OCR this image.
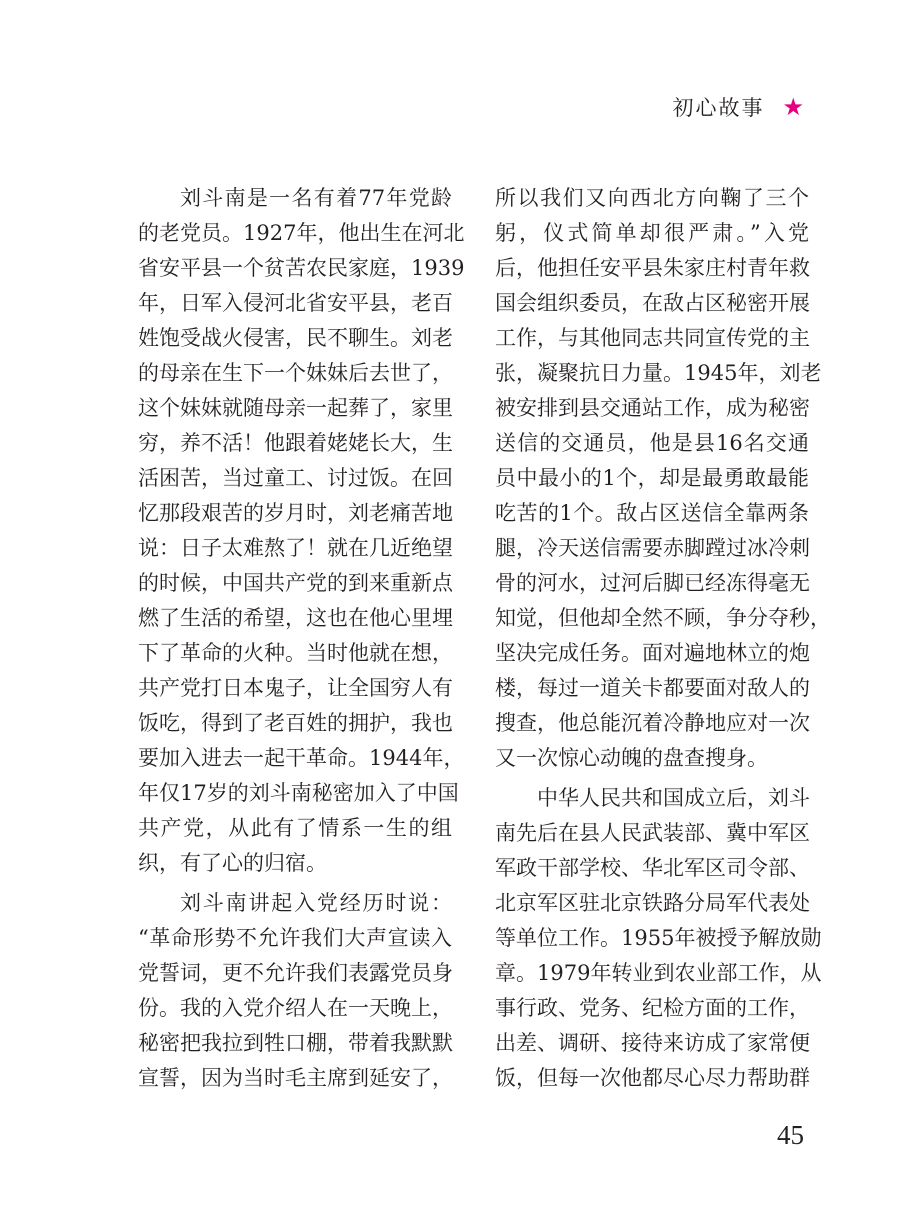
初心故事 ★
刘斗南是一名有着77年党龄
的老党员。1927年，他出生在河北
省安平县一个贫苦农民家庭，1939
年，日军入侵河北省安平县，老百
姓饱受战火侵害，民不聊生。刘老
的母亲在生下一个妹妹后去世了，
这个妹妹就随母亲一起葬了，家里
穷，养不活！他跟着姥姥长大，生
活困苦，当过童工、讨过饭。在回
忆那段艰苦的岁月时，刘老痛苦地
说：日子太难熬了！就在几近绝望
的时候，中国共产党的到来重新点
燃了生活的希望，这也在他心里埋
下了革命的火种。当时他就在想，
共产党打日本鬼子，让全国穷人有
饭吃，得到了老百姓的拥护，我也
要加入进去一起干革命。1944年，
年仅17岁的刘斗南秘密加入了中国
共产党，从此有了情系一生的组
织，有了心的归宿。
刘斗南讲起入党经历时说：
“革命形势不允许我们大声宣读入
党誓词，更不允许我们表露党员身
份。我的入党介绍人在一天晚上，
秘密把我拉到牲口棚，带着我默默
宣誓，因为当时毛主席到延安了，
所以我们又向西北方向鞠了三个
躬，仪式简单却很严肃。”入党
后，他担任安平县朱家庄村青年救
国会组织委员，在敌占区秘密开展
工作，与其他同志共同宣传党的主
张，凝聚抗日力量。1945年，刘老
被安排到县交通站工作，成为秘密
送信的交通员，他是县16名交通
员中最小的1个，却是最勇敢最能
吃苦的1个。敌占区送信全靠两条
腿，冷天送信需要赤脚蹚过冰冷刺
骨的河水，过河后脚已经冻得毫无
知觉，但他却全然不顾，争分夺秒，
坚决完成任务。面对遍地林立的炮
楼，每过一道关卡都要面对敌人的
搜查，他总能沉着冷静地应对一次
又一次惊心动魄的盘查搜身。
中华人民共和国成立后，刘斗
南先后在县人民武装部、冀中军区
军政干部学校、华北军区司令部、
北京军区驻北京铁路分局军代表处
等单位工作。1955年被授予解放勋
章。1979年转业到农业部工作，从
事行政、党务、纪检方面的工作，
出差、调研、接待来访成了家常便
饭，但每一次他都尽心尽力帮助群
45
